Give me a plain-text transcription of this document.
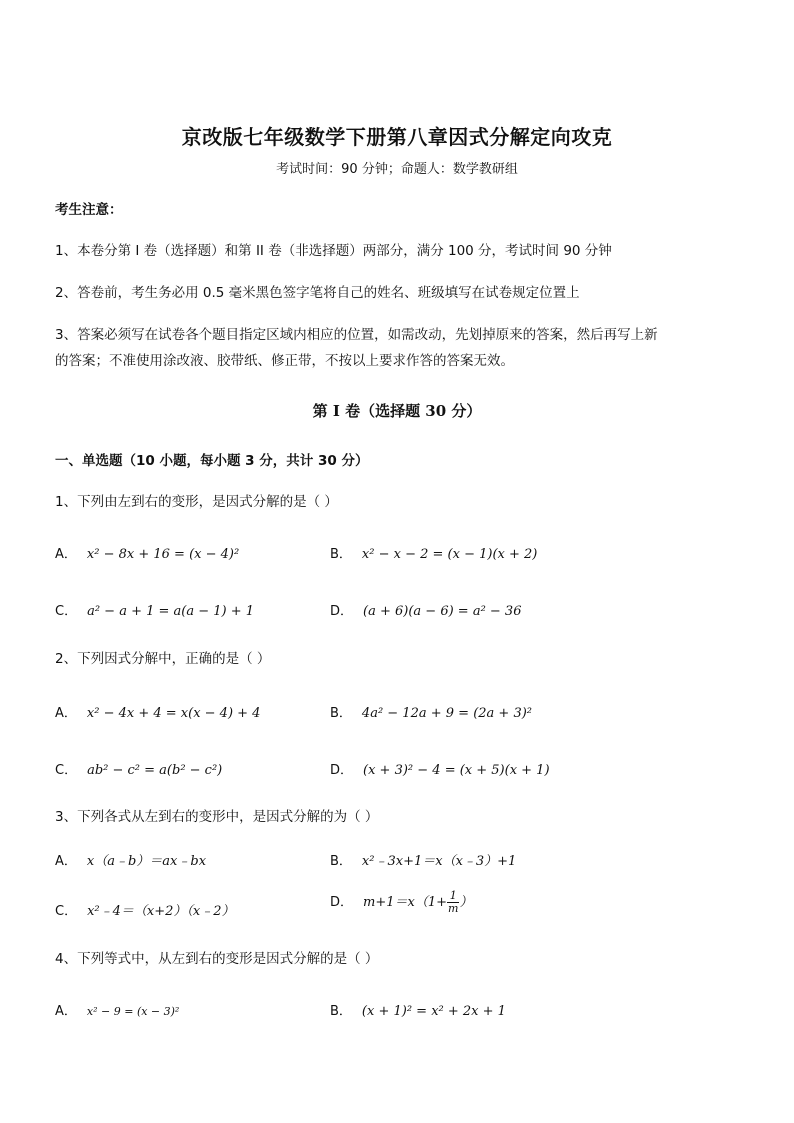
京改版七年级数学下册第八章因式分解定向攻克
考试时间：90 分钟；命题人：数学教研组
考生注意：
1、本卷分第 I 卷（选择题）和第 II 卷（非选择题）两部分，满分 100 分，考试时间 90 分钟
2、答卷前，考生务必用 0.5 毫米黑色签字笔将自己的姓名、班级填写在试卷规定位置上
3、答案必须写在试卷各个题目指定区域内相应的位置，如需改动，先划掉原来的答案，然后再写上新
的答案；不准使用涂改液、胶带纸、修正带，不按以上要求作答的答案无效。
第 I 卷（选择题 30 分）
一、单选题（10 小题，每小题 3 分，共计 30 分）
1、下列由左到右的变形，是因式分解的是（ ）
A． x² − 8x + 16 = (x − 4)²	B． x² − x − 2 = (x − 1)(x + 2)
C． a² − a + 1 = a(a − 1) + 1	D． (a + 6)(a − 6) = a² − 36
2、下列因式分解中，正确的是（ ）
A． x² − 4x + 4 = x(x − 4) + 4	B． 4a² − 12a + 9 = (2a + 3)²
C． ab² − c² = a(b² − c²)	D． (x + 3)² − 4 = (x + 5)(x + 1)
3、下列各式从左到右的变形中，是因式分解的为（ ）
A． x（a﹣b）＝ax﹣bx	B． x²﹣3x+1＝x（x﹣3）+1
C． x²﹣4＝（x+2）（x﹣2）
D． $m+1=x(1+ \frac{1}{m}$ ）
4、下列等式中，从左到右的变形是因式分解的是（ ）
A． x² − 9 = (x − 3)²	B． (x + 1)² = x² + 2x + 1
